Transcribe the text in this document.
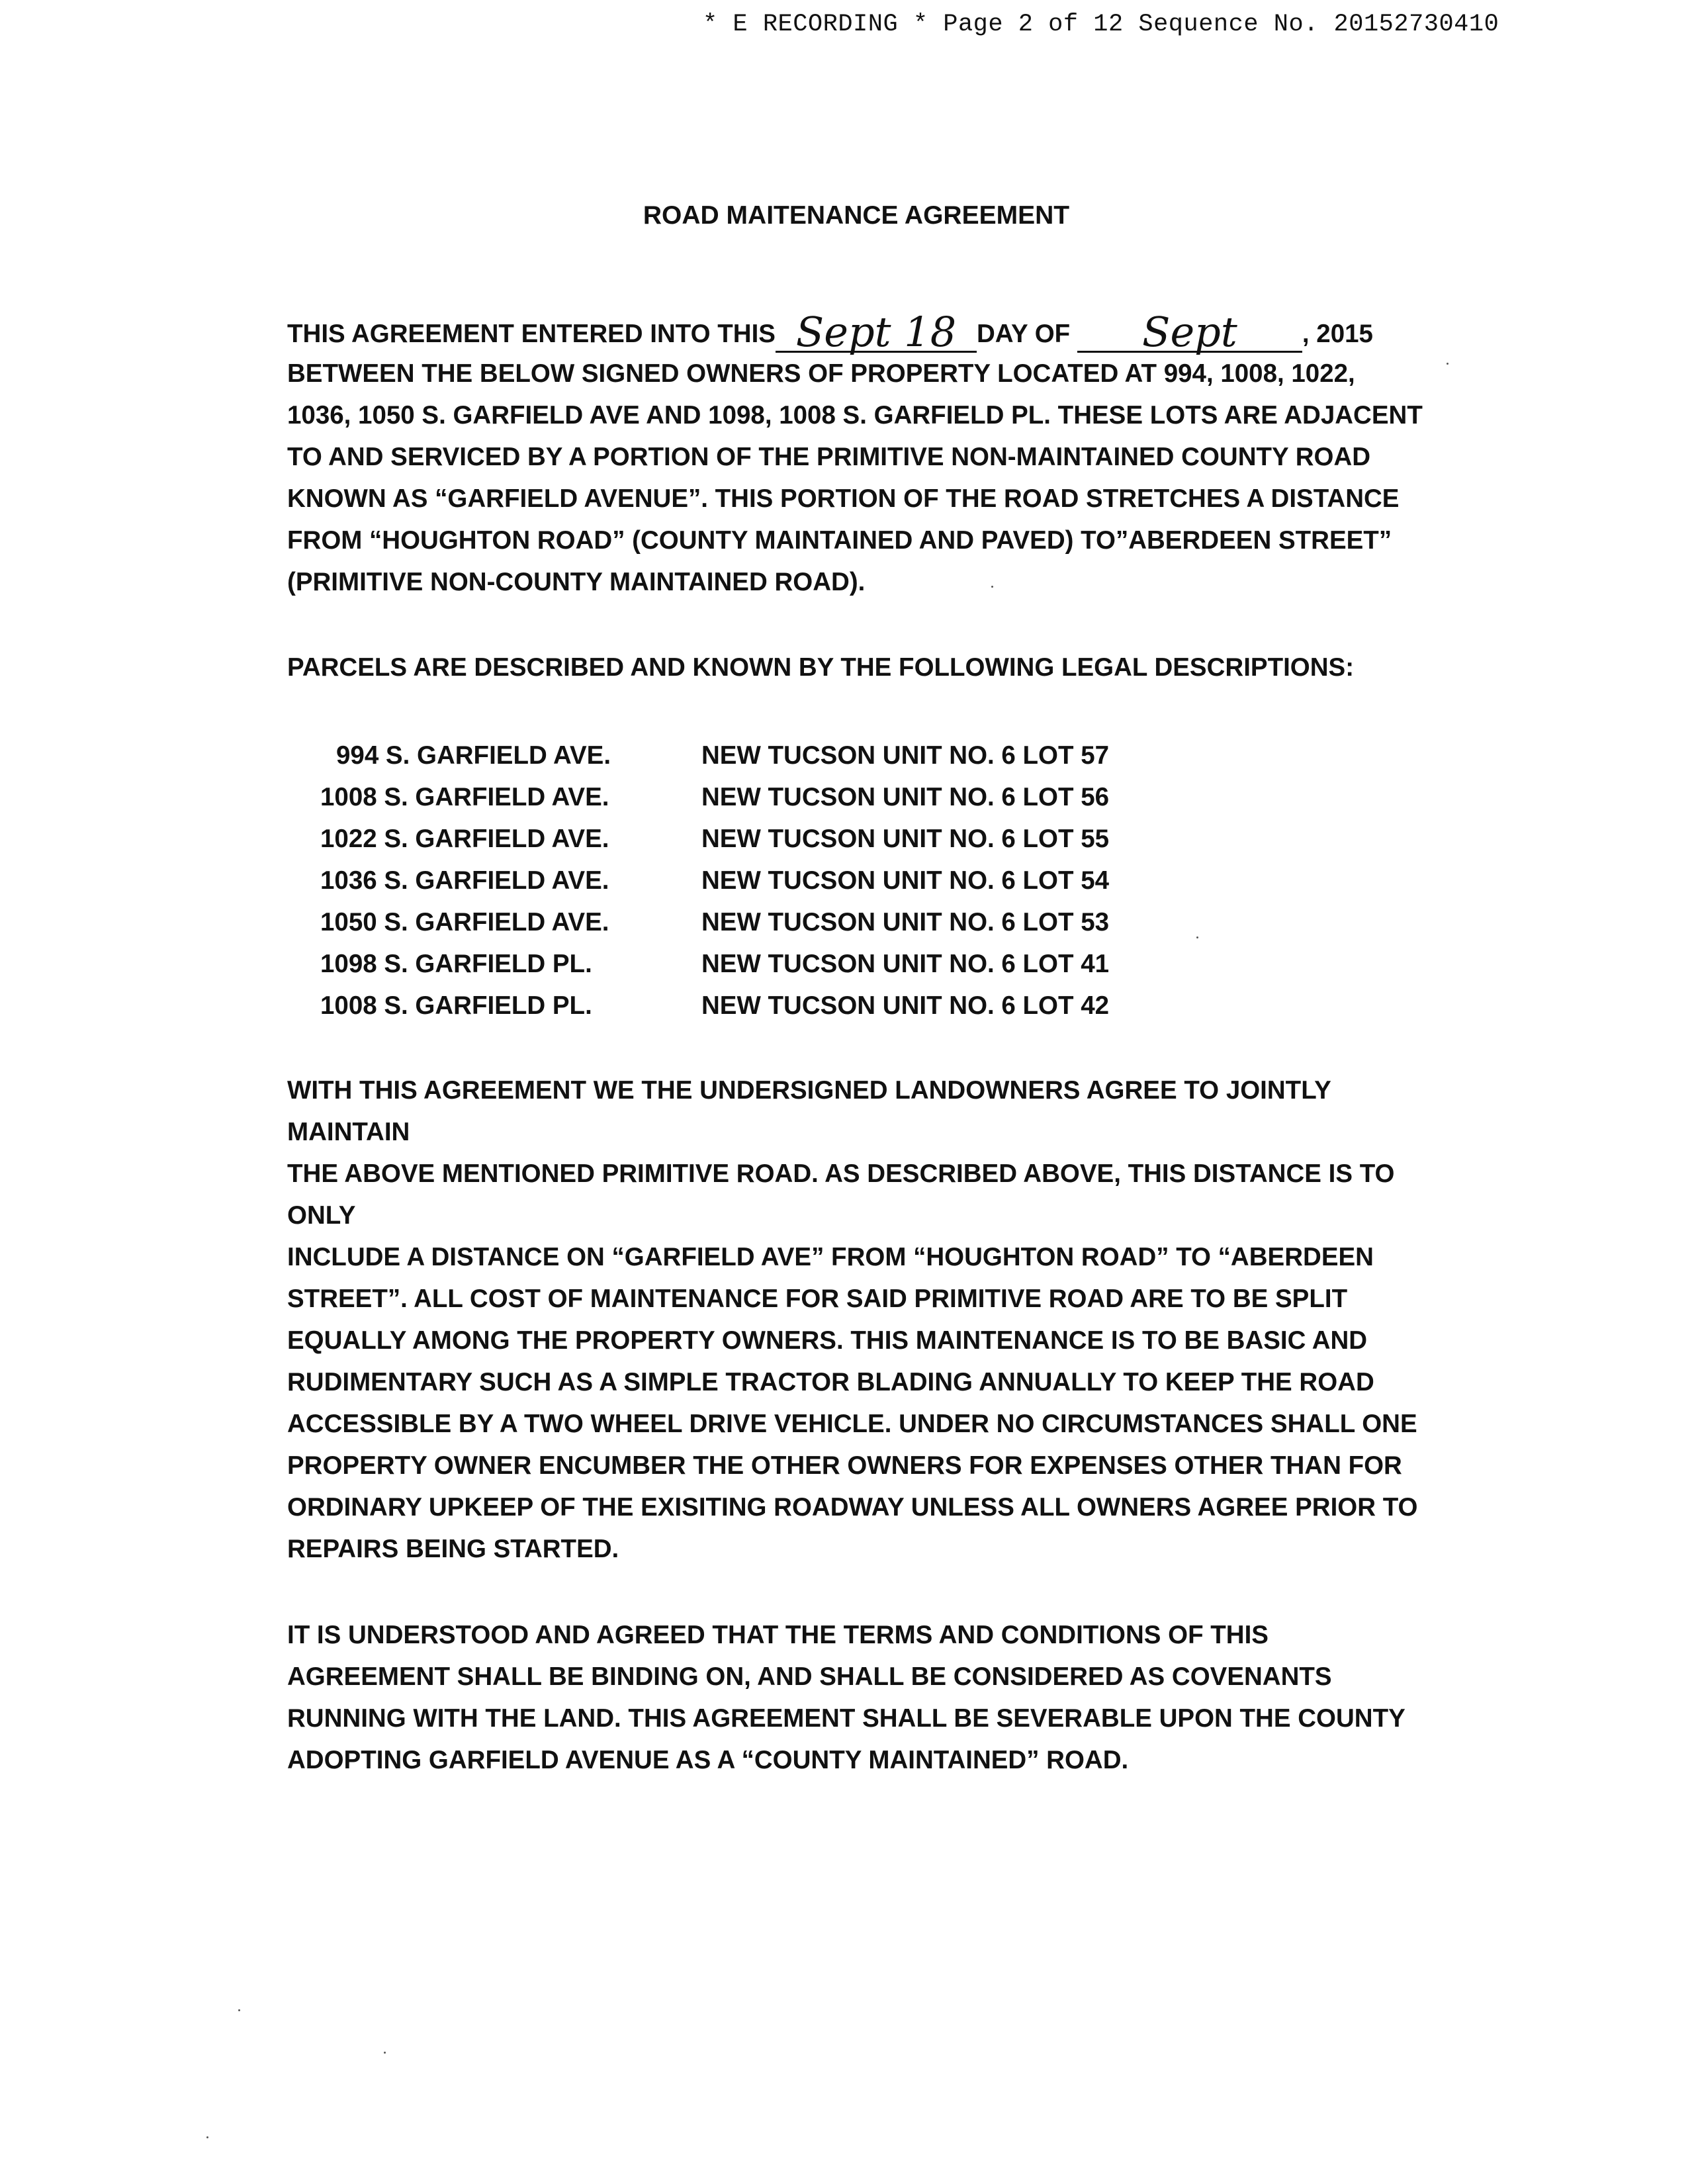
* E RECORDING * Page 2 of 12 Sequence No. 20152730410
ROAD MAITENANCE AGREEMENT
THIS AGREEMENT ENTERED INTO THIS Sept 18 DAY OF Sept	, 2015
BETWEEN THE BELOW SIGNED OWNERS OF PROPERTY LOCATED AT 994, 1008, 1022,
1036, 1050 S. GARFIELD AVE AND 1098, 1008 S. GARFIELD PL. THESE LOTS ARE ADJACENT
TO AND SERVICED BY A PORTION OF THE PRIMITIVE NON-MAINTAINED COUNTY ROAD
KNOWN AS “GARFIELD AVENUE”. THIS PORTION OF THE ROAD STRETCHES A DISTANCE
FROM “HOUGHTON ROAD” (COUNTY MAINTAINED AND PAVED) TO”ABERDEEN STREET”
(PRIMITIVE NON-COUNTY MAINTAINED ROAD).
PARCELS ARE DESCRIBED AND KNOWN BY THE FOLLOWING LEGAL DESCRIPTIONS:
994 S. GARFIELD AVE.	NEW TUCSON UNIT NO. 6 LOT 57
1008 S. GARFIELD AVE.	NEW TUCSON UNIT NO. 6 LOT 56
1022 S. GARFIELD AVE.	NEW TUCSON UNIT NO. 6 LOT 55
1036 S. GARFIELD AVE.	NEW TUCSON UNIT NO. 6 LOT 54
1050 S. GARFIELD AVE.	NEW TUCSON UNIT NO. 6 LOT 53
1098 S. GARFIELD PL.	NEW TUCSON UNIT NO. 6 LOT 41
1008 S. GARFIELD PL.	NEW TUCSON UNIT NO. 6 LOT 42
WITH THIS AGREEMENT WE THE UNDERSIGNED LANDOWNERS AGREE TO JOINTLY
MAINTAIN
THE ABOVE MENTIONED PRIMITIVE ROAD. AS DESCRIBED ABOVE, THIS DISTANCE IS TO
ONLY
INCLUDE A DISTANCE ON “GARFIELD AVE” FROM “HOUGHTON ROAD” TO “ABERDEEN
STREET”. ALL COST OF MAINTENANCE FOR SAID PRIMITIVE ROAD ARE TO BE SPLIT
EQUALLY AMONG THE PROPERTY OWNERS. THIS MAINTENANCE IS TO BE BASIC AND
RUDIMENTARY SUCH AS A SIMPLE TRACTOR BLADING ANNUALLY TO KEEP THE ROAD
ACCESSIBLE BY A TWO WHEEL DRIVE VEHICLE. UNDER NO CIRCUMSTANCES SHALL ONE
PROPERTY OWNER ENCUMBER THE OTHER OWNERS FOR EXPENSES OTHER THAN FOR
ORDINARY UPKEEP OF THE EXISITING ROADWAY UNLESS ALL OWNERS AGREE PRIOR TO
REPAIRS BEING STARTED.
IT IS UNDERSTOOD AND AGREED THAT THE TERMS AND CONDITIONS OF THIS
AGREEMENT SHALL BE BINDING ON, AND SHALL BE CONSIDERED AS COVENANTS
RUNNING WITH THE LAND. THIS AGREEMENT SHALL BE SEVERABLE UPON THE COUNTY
ADOPTING GARFIELD AVENUE AS A “COUNTY MAINTAINED” ROAD.
